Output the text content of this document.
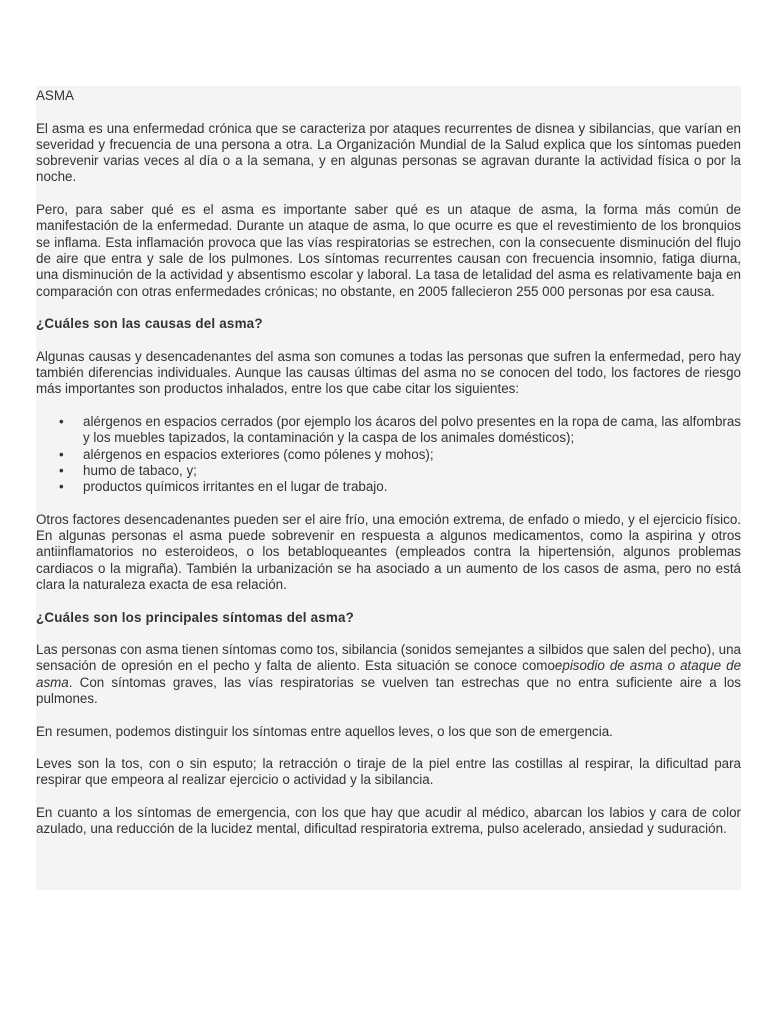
ASMA

El asma es una enfermedad crónica que se caracteriza por ataques recurrentes de disnea y sibilancias, que varían en severidad y frecuencia de una persona a otra. La Organización Mundial de la Salud explica que los síntomas pueden sobrevenir varias veces al día o a la semana, y en algunas personas se agravan durante la actividad física o por la noche.

Pero, para saber qué es el asma es importante saber qué es un ataque de asma, la forma más común de manifestación de la enfermedad. Durante un ataque de asma, lo que ocurre es que el revestimiento de los bronquios se inflama. Esta inflamación provoca que las vías respiratorias se estrechen, con la consecuente disminución del flujo de aire que entra y sale de los pulmones. Los síntomas recurrentes causan con frecuencia insomnio, fatiga diurna, una disminución de la actividad y absentismo escolar y laboral. La tasa de letalidad del asma es relativamente baja en comparación con otras enfermedades crónicas; no obstante, en 2005 fallecieron 255 000 personas por esa causa.

¿Cuáles son las causas del asma?

Algunas causas y desencadenantes del asma son comunes a todas las personas que sufren la enfermedad, pero hay también diferencias individuales. Aunque las causas últimas del asma no se conocen del todo, los factores de riesgo más importantes son productos inhalados, entre los que cabe citar los siguientes:

• alérgenos en espacios cerrados (por ejemplo los ácaros del polvo presentes en la ropa de cama, las alfombras y los muebles tapizados, la contaminación y la caspa de los animales domésticos);
• alérgenos en espacios exteriores (como pólenes y mohos);
• humo de tabaco, y;
• productos químicos irritantes en el lugar de trabajo.

Otros factores desencadenantes pueden ser el aire frío, una emoción extrema, de enfado o miedo, y el ejercicio físico. En algunas personas el asma puede sobrevenir en respuesta a algunos medicamentos, como la aspirina y otros antiinflamatorios no esteroideos, o los betabloqueantes (empleados contra la hipertensión, algunos problemas cardiacos o la migraña). También la urbanización se ha asociado a un aumento de los casos de asma, pero no está clara la naturaleza exacta de esa relación.

¿Cuáles son los principales síntomas del asma?

Las personas con asma tienen síntomas como tos, sibilancia (sonidos semejantes a silbidos que salen del pecho), una sensación de opresión en el pecho y falta de aliento. Esta situación se conoce comoepisodio de asma o ataque de asma. Con síntomas graves, las vías respiratorias se vuelven tan estrechas que no entra suficiente aire a los pulmones.

En resumen, podemos distinguir los síntomas entre aquellos leves, o los que son de emergencia.

Leves son la tos, con o sin esputo; la retracción o tiraje de la piel entre las costillas al respirar, la dificultad para respirar que empeora al realizar ejercicio o actividad y la sibilancia.

En cuanto a los síntomas de emergencia, con los que hay que acudir al médico, abarcan los labios y cara de color azulado, una reducción de la lucidez mental, dificultad respiratoria extrema, pulso acelerado, ansiedad y suduración.
